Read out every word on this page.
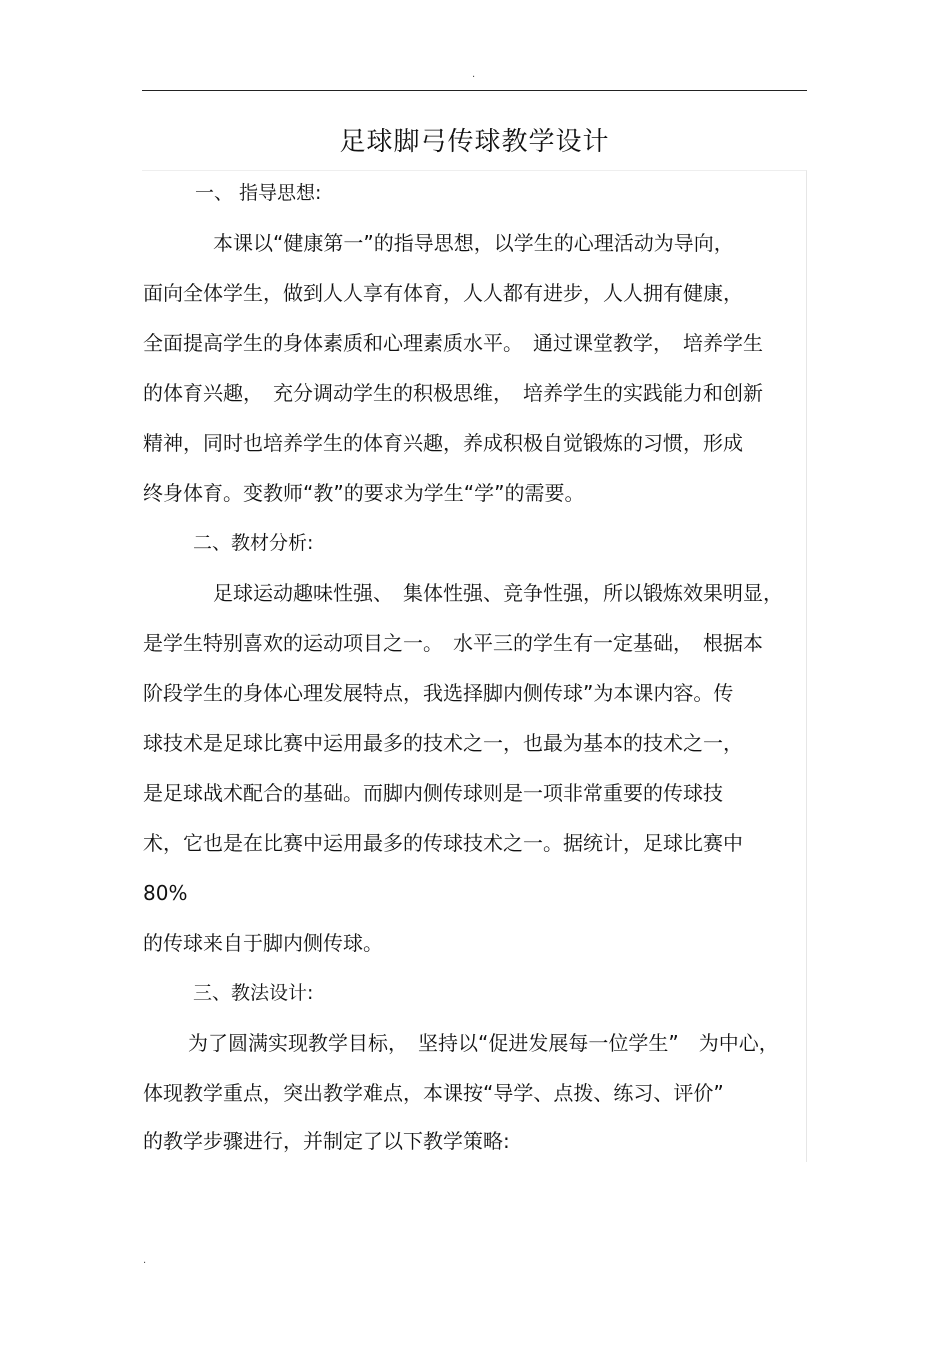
.
足球脚弓传球教学设计
一、 指导思想:
本课以“健康第一”的指导思想，以学生的心理活动为导向，
面向全体学生，做到人人享有体育，人人都有进步，人人拥有健康，
全面提高学生的身体素质和心理素质水平。　通过课堂教学，　培养学生
的体育兴趣，　充分调动学生的积极思维，　培养学生的实践能力和创新
精神，同时也培养学生的体育兴趣，养成积极自觉锻炼的习惯，形成
终身体育。变教师“教”的要求为学生“学”的需要。
二、教材分析:
足球运动趣味性强、　集体性强、竞争性强，所以锻炼效果明显，
是学生特别喜欢的运动项目之一。　水平三的学生有一定基础，　根据本
阶段学生的身体心理发展特点，我选择脚内侧传球”为本课内容。传
球技术是足球比赛中运用最多的技术之一，也最为基本的技术之一，
是足球战术配合的基础。而脚内侧传球则是一项非常重要的传球技
术，它也是在比赛中运用最多的传球技术之一。据统计，足球比赛中
80%
的传球来自于脚内侧传球。
三、教法设计:
为了圆满实现教学目标，　坚持以“促进发展每一位学生”　为中心，
体现教学重点，突出教学难点，本课按“导学、点拨、练习、评价”
的教学步骤进行，并制定了以下教学策略:
.
